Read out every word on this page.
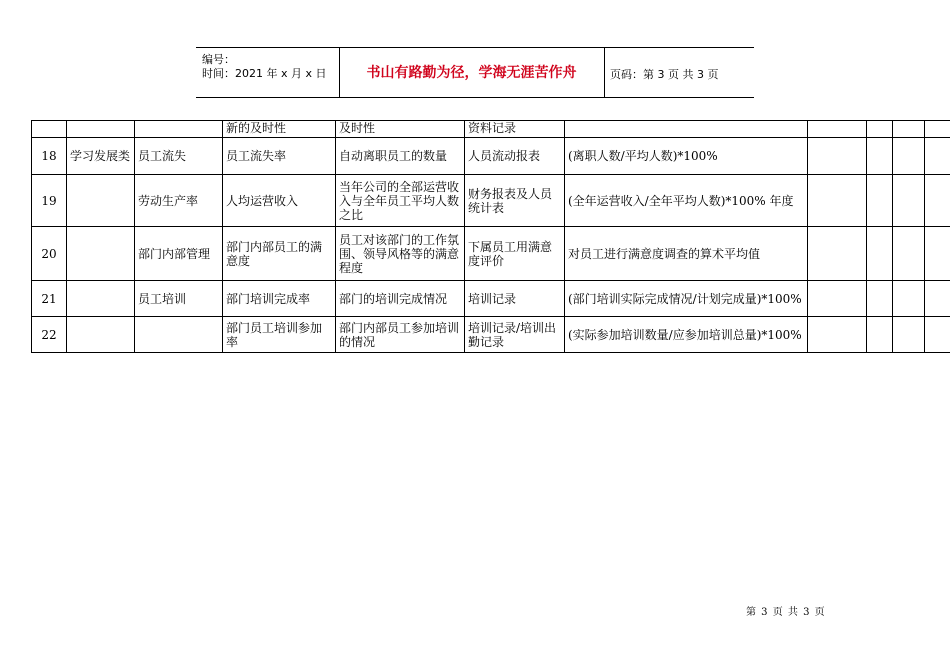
编号：
时间：2021 年 x 月 x 日	书山有路勤为径，学海无涯苦作舟	页码：第 3 页 共 3 页
			新的及时性	及时性	资料记录					
18	学习发展类	员工流失	员工流失率	自动离职员工的数量	人员流动报表	(离职人数/平均人数)*100%				
19		劳动生产率	人均运营收入	当年公司的全部运营收入与全年员工平均人数之比	财务报表及人员统计表	(全年运营收入/全年平均人数)*100% 年度				
20		部门内部管理	部门内部员工的满意度	员工对该部门的工作氛围、领导风格等的满意程度	下属员工用满意度评价	对员工进行满意度调查的算术平均值				
21		员工培训	部门培训完成率	部门的培训完成情况	培训记录	(部门培训实际完成情况/计划完成量)*100%				
22			部门员工培训参加率	部门内部员工参加培训的情况	培训记录/培训出勤记录	(实际参加培训数量/应参加培训总量)*100%				
第 3 页 共 3 页
